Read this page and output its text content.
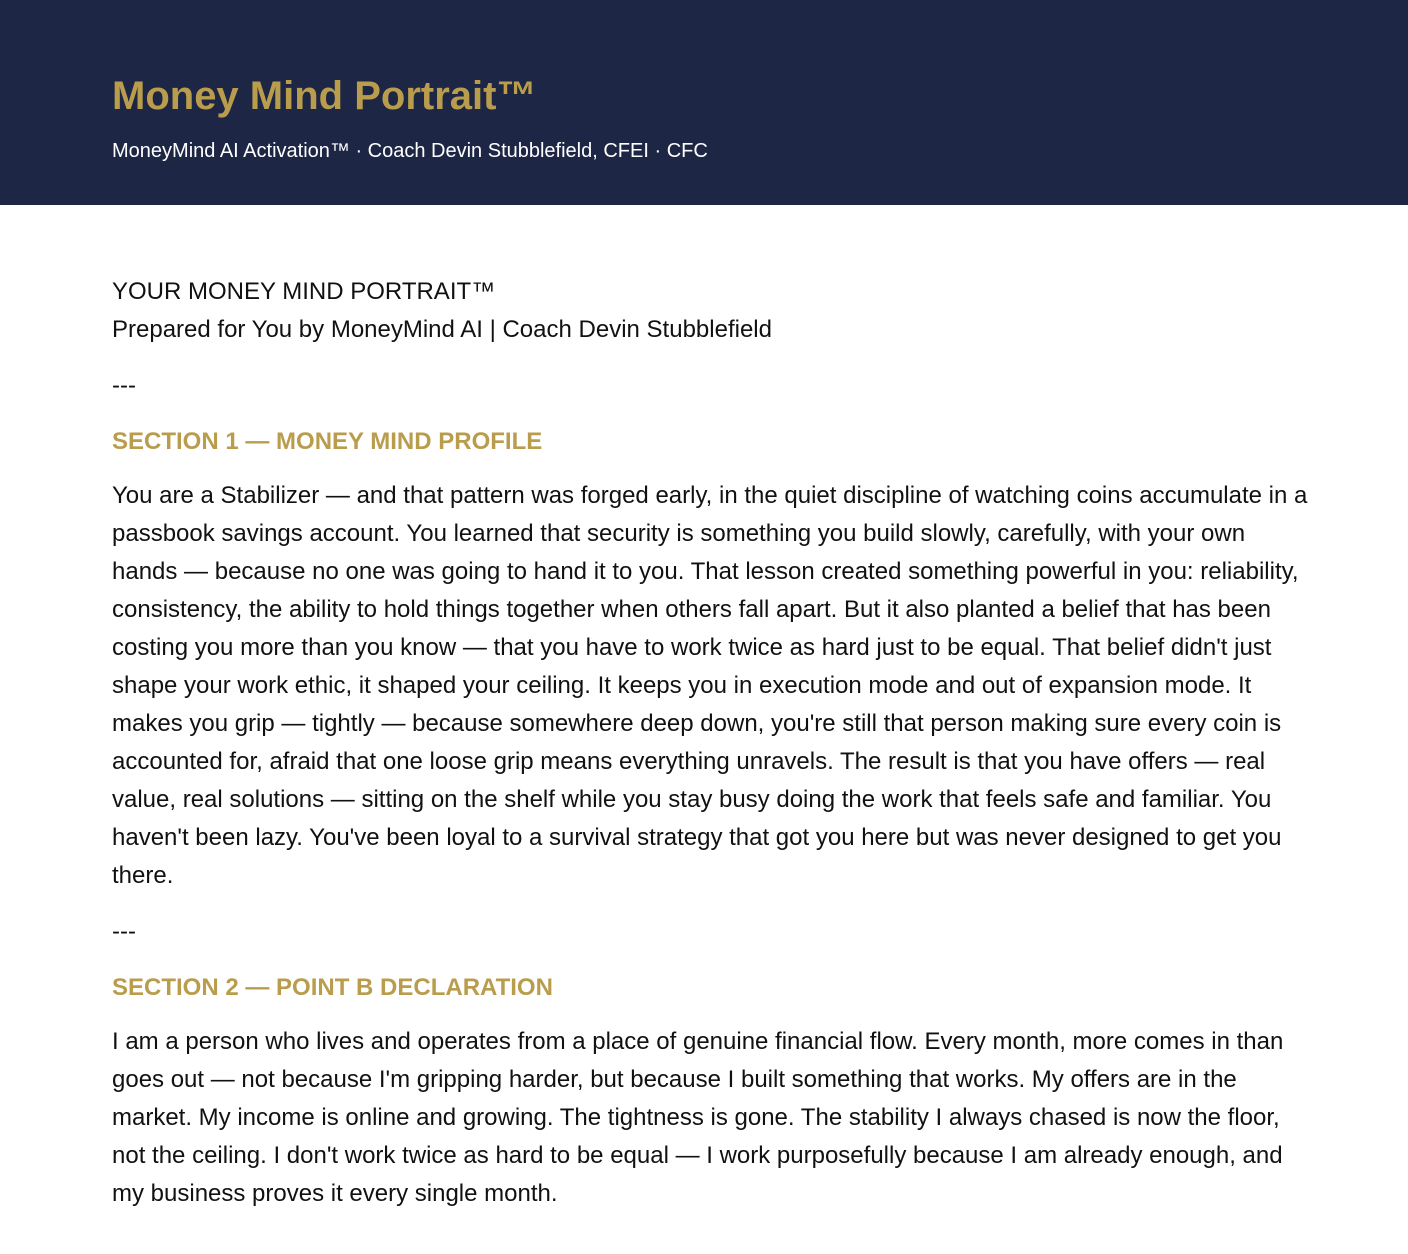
Money Mind Portrait™
MoneyMind AI Activation™ · Coach Devin Stubblefield, CFEI · CFC

YOUR MONEY MIND PORTRAIT™

Prepared for You by MoneyMind AI | Coach Devin Stubblefield

---

SECTION 1 — MONEY MIND PROFILE

You are a Stabilizer — and that pattern was forged early, in the quiet discipline of watching coins accumulate in a passbook savings account. You learned that security is something you build slowly, carefully, with your own hands — because no one was going to hand it to you. That lesson created something powerful in you: reliability, consistency, the ability to hold things together when others fall apart. But it also planted a belief that has been costing you more than you know — that you have to work twice as hard just to be equal. That belief didn't just shape your work ethic, it shaped your ceiling. It keeps you in execution mode and out of expansion mode. It makes you grip — tightly — because somewhere deep down, you're still that person making sure every coin is accounted for, afraid that one loose grip means everything unravels. The result is that you have offers — real value, real solutions — sitting on the shelf while you stay busy doing the work that feels safe and familiar. You haven't been lazy. You've been loyal to a survival strategy that got you here but was never designed to get you there.

---

SECTION 2 — POINT B DECLARATION

I am a person who lives and operates from a place of genuine financial flow. Every month, more comes in than goes out — not because I'm gripping harder, but because I built something that works. My offers are in the market. My income is online and growing. The tightness is gone. The stability I always chased is now the floor, not the ceiling. I don't work twice as hard to be equal — I work purposefully because I am already enough, and my business proves it every single month.
